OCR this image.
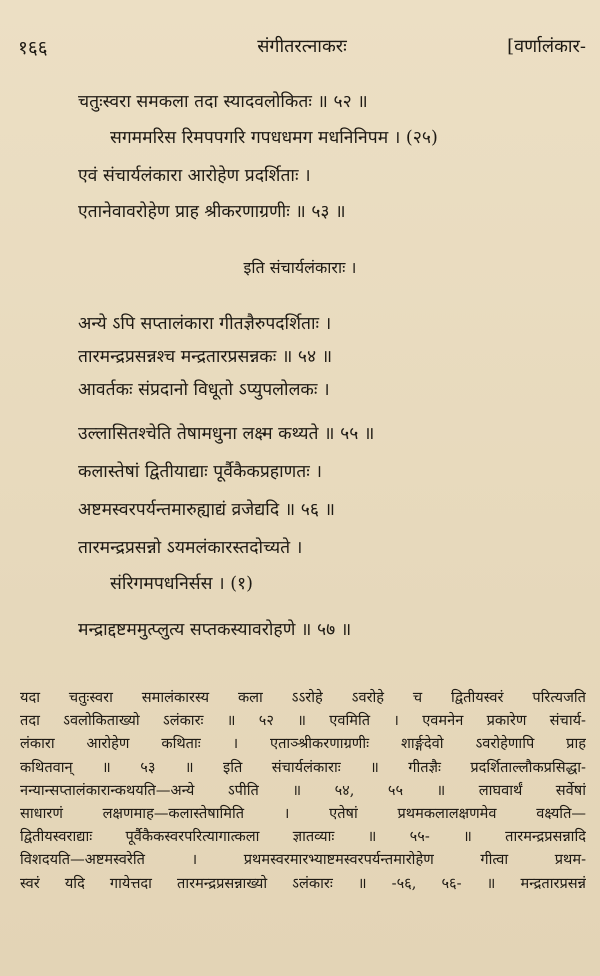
१६६	संगीतरत्नाकरः	[वर्णालंकार-
चतुःस्वरा समकला तदा स्यादवलोकितः ॥ ५२ ॥
सगममरिस रिमपपगरि गपधधमग मधनिनिपम । (२५)
एवं संचार्यलंकारा आरोहेण प्रदर्शिताः ।
एतानेवावरोहेण प्राह श्रीकरणाग्रणीः ॥ ५३ ॥
इति संचार्यलंकाराः ।
अन्ये ऽपि सप्तालंकारा गीतज्ञैरुपदर्शिताः ।
तारमन्द्रप्रसन्नश्च मन्द्रतारप्रसन्नकः ॥ ५४ ॥
आवर्तकः संप्रदानो विधूतो ऽप्युपलोलकः ।
उल्लासितश्चेति तेषामधुना लक्ष्म कथ्यते ॥ ५५ ॥
कलास्तेषां द्वितीयाद्याः पूर्वैकैकप्रहाणतः ।
अष्टमस्वरपर्यन्तमारुह्याद्यं व्रजेद्यदि ॥ ५६ ॥
तारमन्द्रप्रसन्नो ऽयमलंकारस्तदोच्यते ।
संरिगमपधनिर्सस । (१)
मन्द्राद्दष्टममुत्प्लुत्य सप्तकस्यावरोहणे ॥ ५७ ॥
यदा चतुःस्वरा समालंकारस्य कला ऽऽरोहे ऽवरोहे च द्वितीयस्वरं परित्यजति
तदा ऽवलोकिताख्यो ऽलंकारः ॥ ५२ ॥ एवमिति । एवमनेन प्रकारेण संचार्य-
लंकारा आरोहेण कथिताः । एताञ्श्रीकरणाग्रणीः शार्ङ्गदेवो ऽवरोहेणापि प्राह
कथितवान् ॥ ५३ ॥ इति संचार्यलंकाराः ॥ गीतज्ञैः प्रदर्शिताल्लौकप्रसिद्धा-
नन्यान्सप्तालंकारान्कथयति—अन्ये ऽपीति ॥ ५४, ५५ ॥ लाघवार्थं सर्वेषां
साधारणं लक्षणमाह—कलास्तेषामिति । एतेषां प्रथमकलालक्षणमेव वक्ष्यति—
द्वितीयस्वराद्याः पूर्वैकैकस्वरपरित्यागात्कला ज्ञातव्याः ॥ ५५- ॥ तारमन्द्रप्रसन्नादि
विशदयति—अष्टमस्वरेति । प्रथमस्वरमारभ्याष्टमस्वरपर्यन्तमारोहेण गीत्वा प्रथम-
स्वरं यदि गायेत्तदा तारमन्द्रप्रसन्नाख्यो ऽलंकारः ॥ -५६, ५६- ॥ मन्द्रतारप्रसन्नं
